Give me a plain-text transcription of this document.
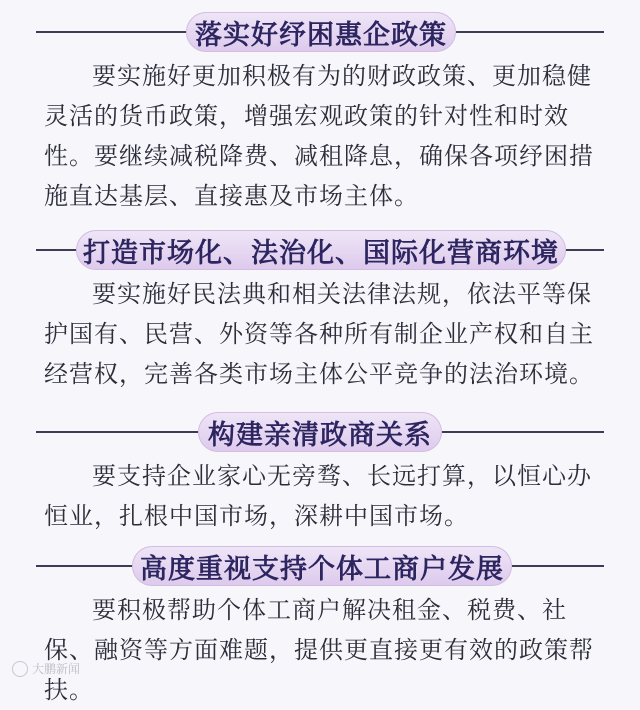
落实好纾困惠企政策
要实施好更加积极有为的财政政策、更加稳健灵活的货币政策，增强宏观政策的针对性和时效性。要继续减税降费、减租降息，确保各项纾困措施直达基层、直接惠及市场主体。
打造市场化、法治化、国际化营商环境
要实施好民法典和相关法律法规，依法平等保护国有、民营、外资等各种所有制企业产权和自主经营权，完善各类市场主体公平竞争的法治环境。
构建亲清政商关系
要支持企业家心无旁骛、长远打算，以恒心办恒业，扎根中国市场，深耕中国市场。
高度重视支持个体工商户发展
要积极帮助个体工商户解决租金、税费、社保、融资等方面难题，提供更直接更有效的政策帮扶。
大鹏新闻
